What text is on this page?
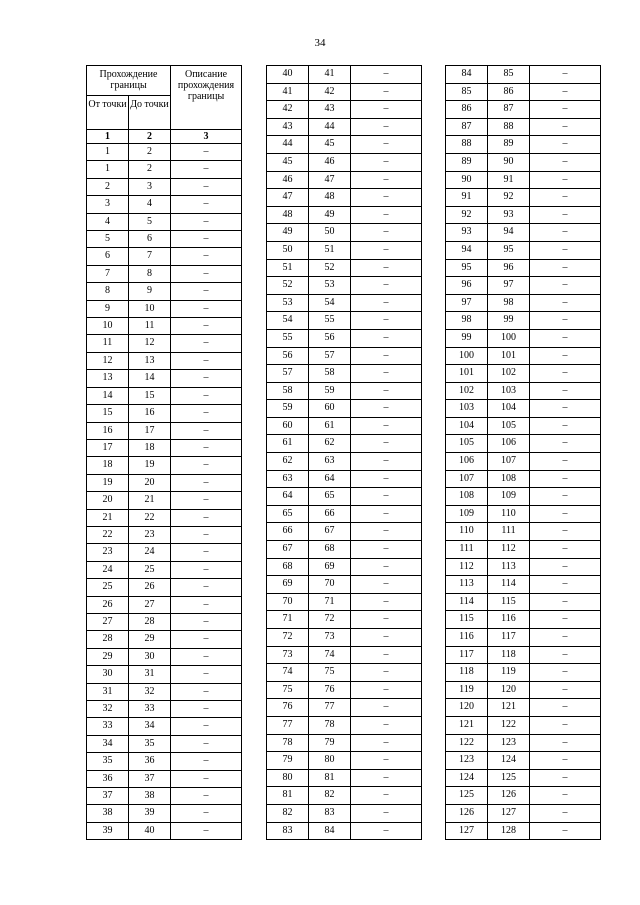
34
Прохождение границы		Описание прохождения границы
От точки	До точки	
1	2	3
1	2	–
1	2	–
2	3	–
3	4	–
4	5	–
5	6	–
6	7	–
7	8	–
8	9	–
9	10	–
10	11	–
11	12	–
12	13	–
13	14	–
14	15	–
15	16	–
16	17	–
17	18	–
18	19	–
19	20	–
20	21	–
21	22	–
22	23	–
23	24	–
24	25	–
25	26	–
26	27	–
27	28	–
28	29	–
29	30	–
30	31	–
31	32	–
32	33	–
33	34	–
34	35	–
35	36	–
36	37	–
37	38	–
38	39	–
39	40	–
40	41	–
41	42	–
42	43	–
43	44	–
44	45	–
45	46	–
46	47	–
47	48	–
48	49	–
49	50	–
50	51	–
51	52	–
52	53	–
53	54	–
54	55	–
55	56	–
56	57	–
57	58	–
58	59	–
59	60	–
60	61	–
61	62	–
62	63	–
63	64	–
64	65	–
65	66	–
66	67	–
67	68	–
68	69	–
69	70	–
70	71	–
71	72	–
72	73	–
73	74	–
74	75	–
75	76	–
76	77	–
77	78	–
78	79	–
79	80	–
80	81	–
81	82	–
82	83	–
83	84	–
84	85	–
85	86	–
86	87	–
87	88	–
88	89	–
89	90	–
90	91	–
91	92	–
92	93	–
93	94	–
94	95	–
95	96	–
96	97	–
97	98	–
98	99	–
99	100	–
100	101	–
101	102	–
102	103	–
103	104	–
104	105	–
105	106	–
106	107	–
107	108	–
108	109	–
109	110	–
110	111	–
111	112	–
112	113	–
113	114	–
114	115	–
115	116	–
116	117	–
117	118	–
118	119	–
119	120	–
120	121	–
121	122	–
122	123	–
123	124	–
124	125	–
125	126	–
126	127	–
127	128	–
